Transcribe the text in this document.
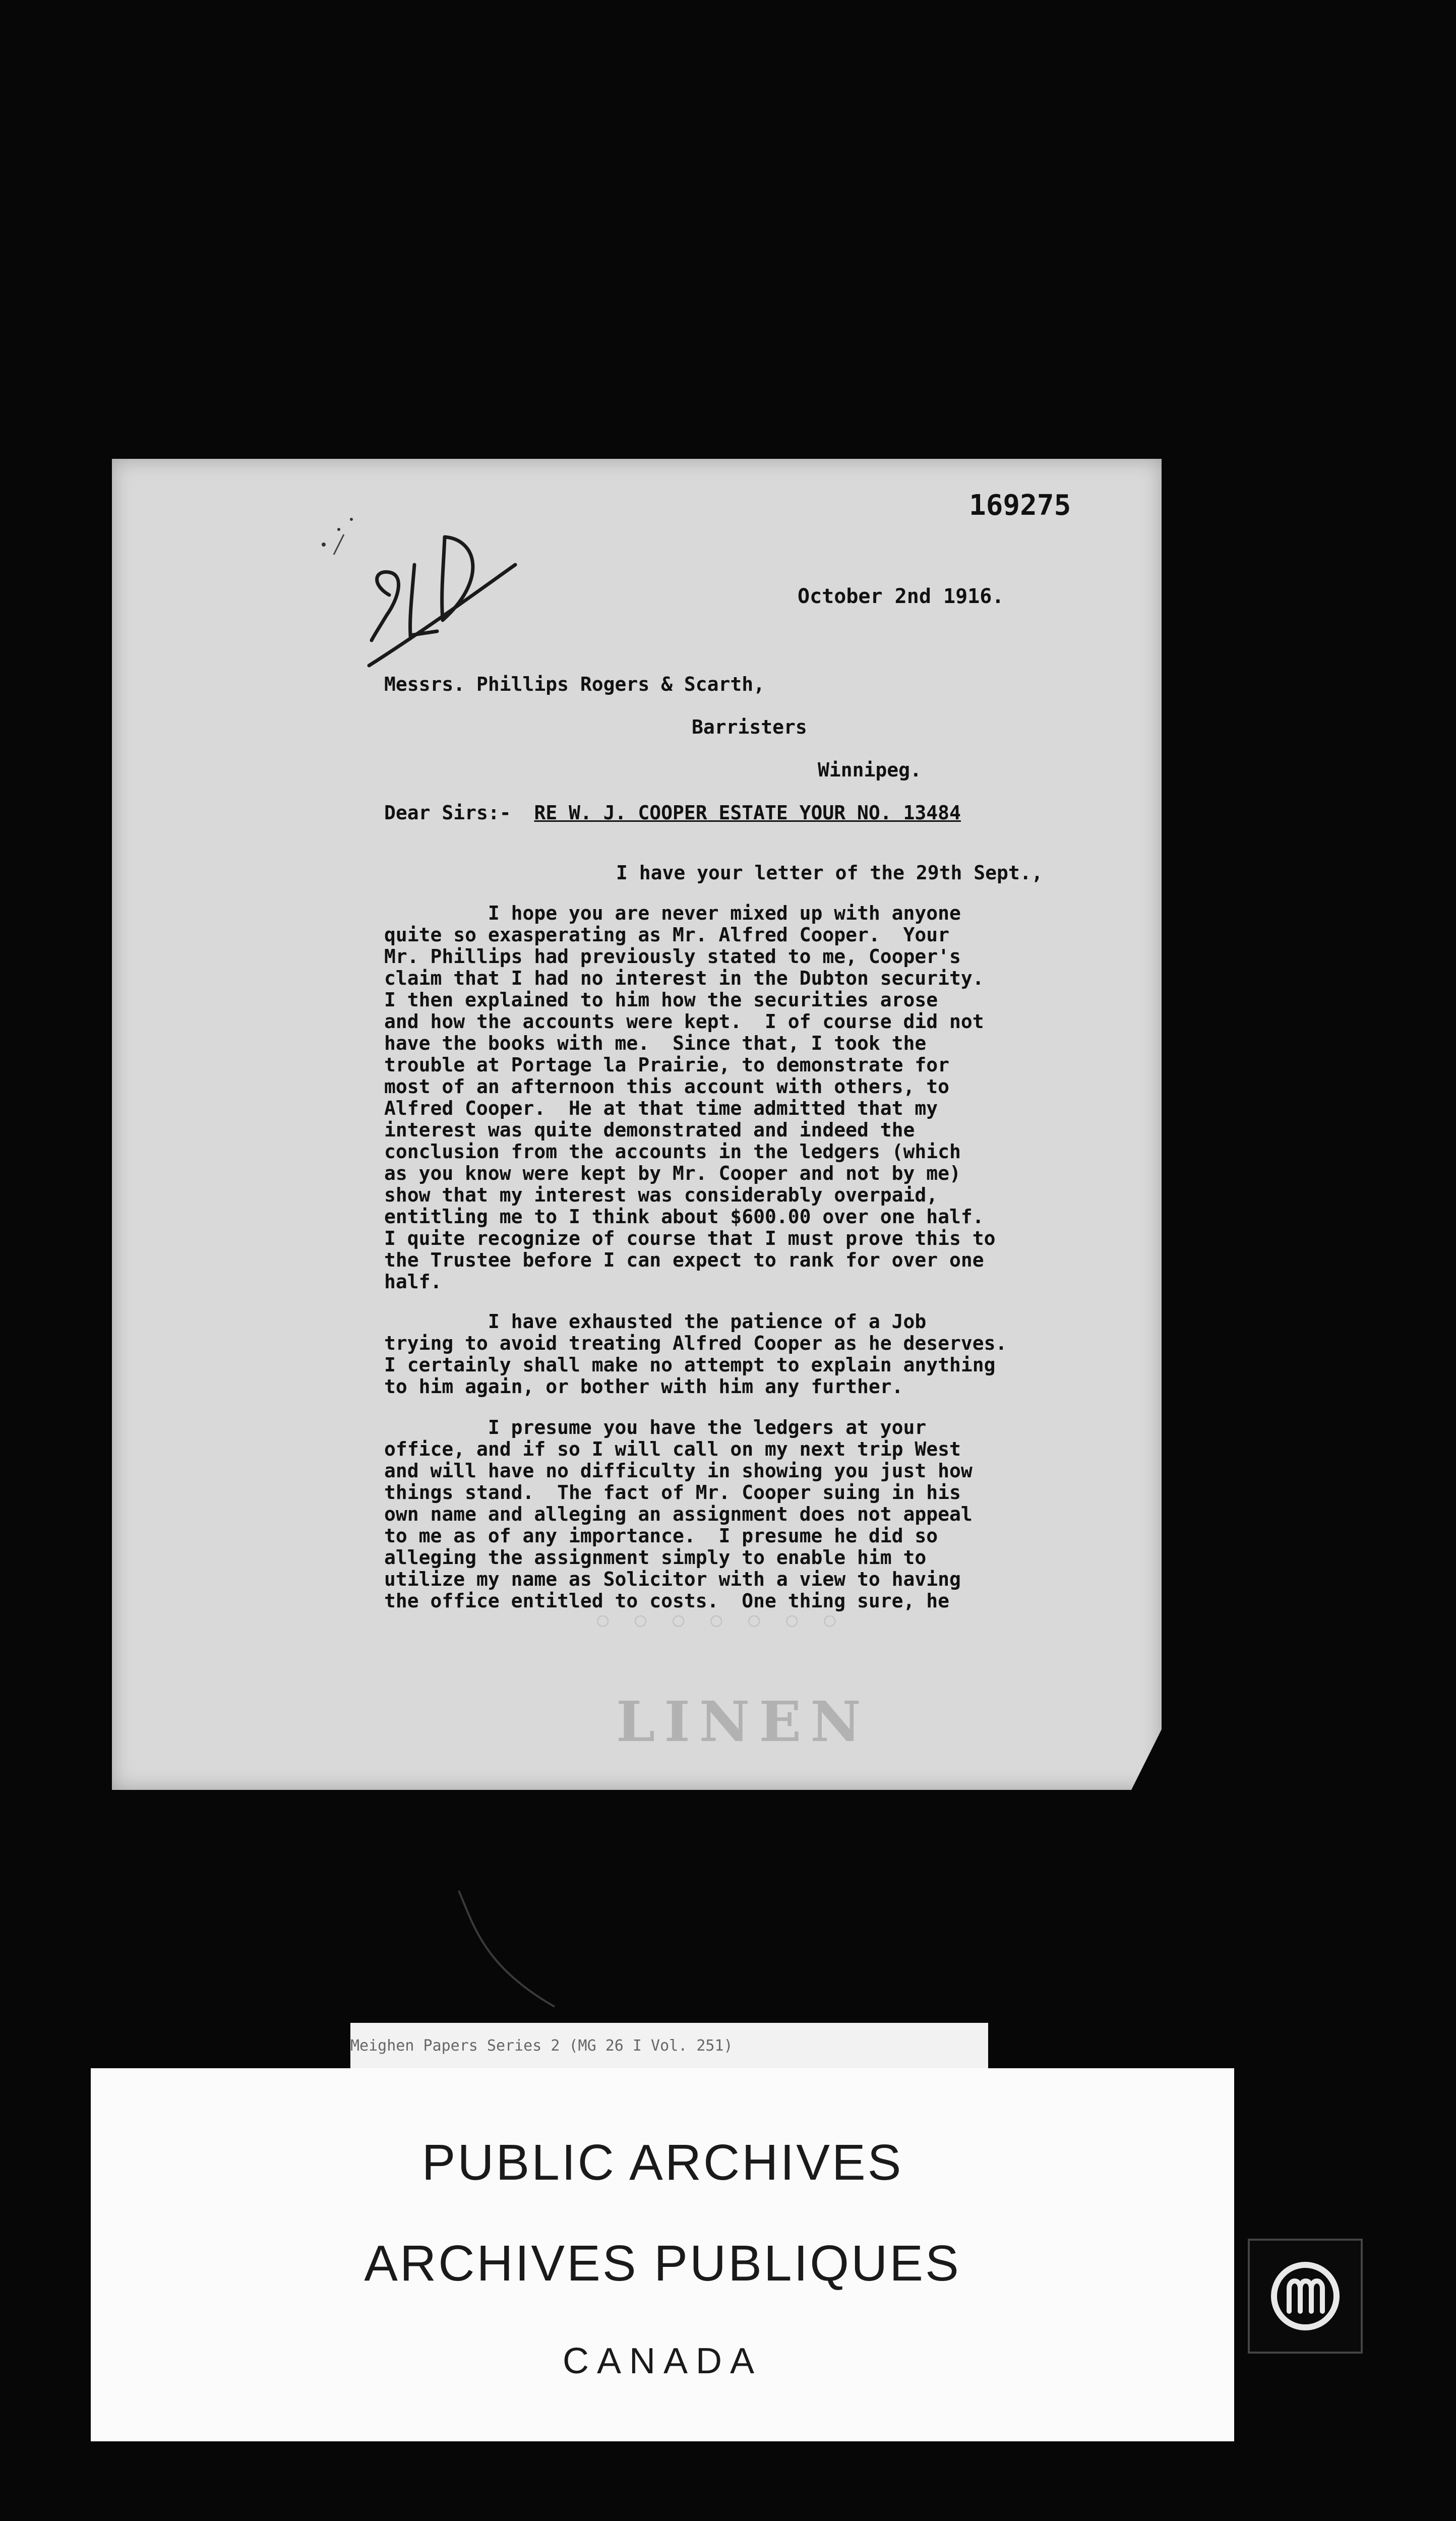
169275
October 2nd 1916.
Messrs. Phillips Rogers & Scarth,
Barristers
Winnipeg.
Dear Sirs:- RE W. J. COOPER ESTATE YOUR NO. 13484
I have your letter of the 29th Sept.,
I hope you are never mixed up with anyone
quite so exasperating as Mr. Alfred Cooper.  Your
Mr. Phillips had previously stated to me, Cooper's
claim that I had no interest in the Dubton security.
I then explained to him how the securities arose
and how the accounts were kept.  I of course did not
have the books with me.  Since that, I took the
trouble at Portage la Prairie, to demonstrate for
most of an afternoon this account with others, to
Alfred Cooper.  He at that time admitted that my
interest was quite demonstrated and indeed the
conclusion from the accounts in the ledgers (which
as you know were kept by Mr. Cooper and not by me)
show that my interest was considerably overpaid,
entitling me to I think about $600.00 over one half.
I quite recognize of course that I must prove this to
the Trustee before I can expect to rank for over one
half.
I have exhausted the patience of a Job
trying to avoid treating Alfred Cooper as he deserves.
I certainly shall make no attempt to explain anything
to him again, or bother with him any further.
I presume you have the ledgers at your
office, and if so I will call on my next trip West
and will have no difficulty in showing you just how
things stand.  The fact of Mr. Cooper suing in his
own name and alleging an assignment does not appeal
to me as of any importance.  I presume he did so
alleging the assignment simply to enable him to
utilize my name as Solicitor with a view to having
the office entitled to costs.  One thing sure, he
◦ ◦ ◦ ◦ ◦ ◦ ◦
LINEN
Meighen Papers Series 2 (MG 26 I Vol. 251)
PUBLIC ARCHIVES
ARCHIVES PUBLIQUES
CANADA
